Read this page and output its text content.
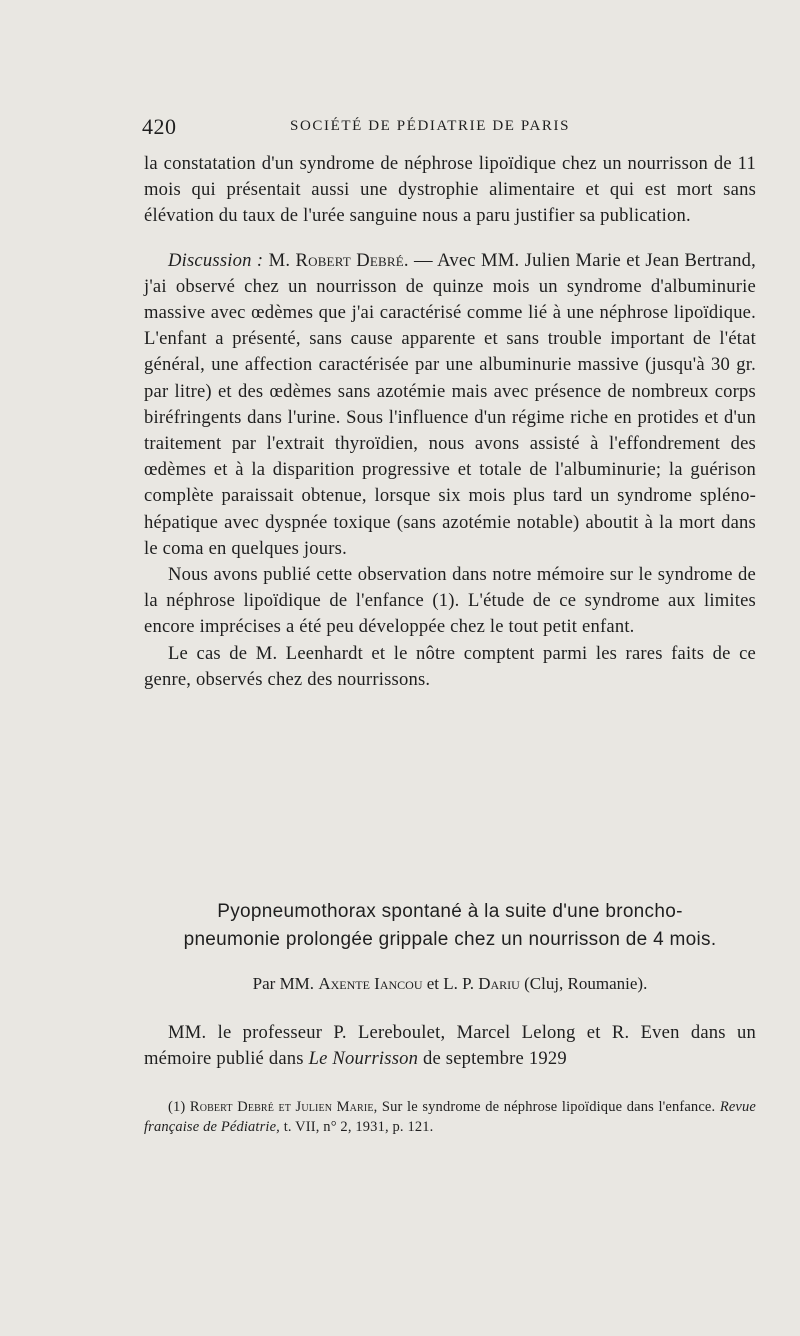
420	SOCIÉTÉ DE PÉDIATRIE DE PARIS

la constatation d'un syndrome de néphrose lipoïdique chez un nourrisson de 11 mois qui présentait aussi une dystrophie alimentaire et qui est mort sans élévation du taux de l'urée sanguine nous a paru justifier sa publication.

Discussion : M. Robert Debré. — Avec MM. Julien Marie et Jean Bertrand, j'ai observé chez un nourrisson de quinze mois un syndrome d'albuminurie massive avec œdèmes que j'ai caractérisé comme lié à une néphrose lipoïdique. L'enfant a présenté, sans cause apparente et sans trouble important de l'état général, une affection caractérisée par une albuminurie massive (jusqu'à 30 gr. par litre) et des œdèmes sans azotémie mais avec présence de nombreux corps biréfringents dans l'urine. Sous l'influence d'un régime riche en protides et d'un traitement par l'extrait thyroïdien, nous avons assisté à l'effondrement des œdèmes et à la disparition progressive et totale de l'albuminurie; la guérison complète paraissait obtenue, lorsque six mois plus tard un syndrome spléno-hépatique avec dyspnée toxique (sans azotémie notable) aboutit à la mort dans le coma en quelques jours.

Nous avons publié cette observation dans notre mémoire sur le syndrome de la néphrose lipoïdique de l'enfance (1). L'étude de ce syndrome aux limites encore imprécises a été peu développée chez le tout petit enfant.

Le cas de M. Leenhardt et le nôtre comptent parmi les rares faits de ce genre, observés chez des nourrissons.

Pyopneumothorax spontané à la suite d'une broncho-

pneumonie prolongée grippale chez un nourrisson de 4 mois.

Par MM. Axente Iancou et L. P. Dariu (Cluj, Roumanie).

MM. le professeur P. Lereboulet, Marcel Lelong et R. Even dans un mémoire publié dans Le Nourrisson de septembre 1929

(1) Robert Debré et Julien Marie, Sur le syndrome de néphrose lipoïdique dans l'enfance. Revue française de Pédiatrie, t. VII, n° 2, 1931, p. 121.
